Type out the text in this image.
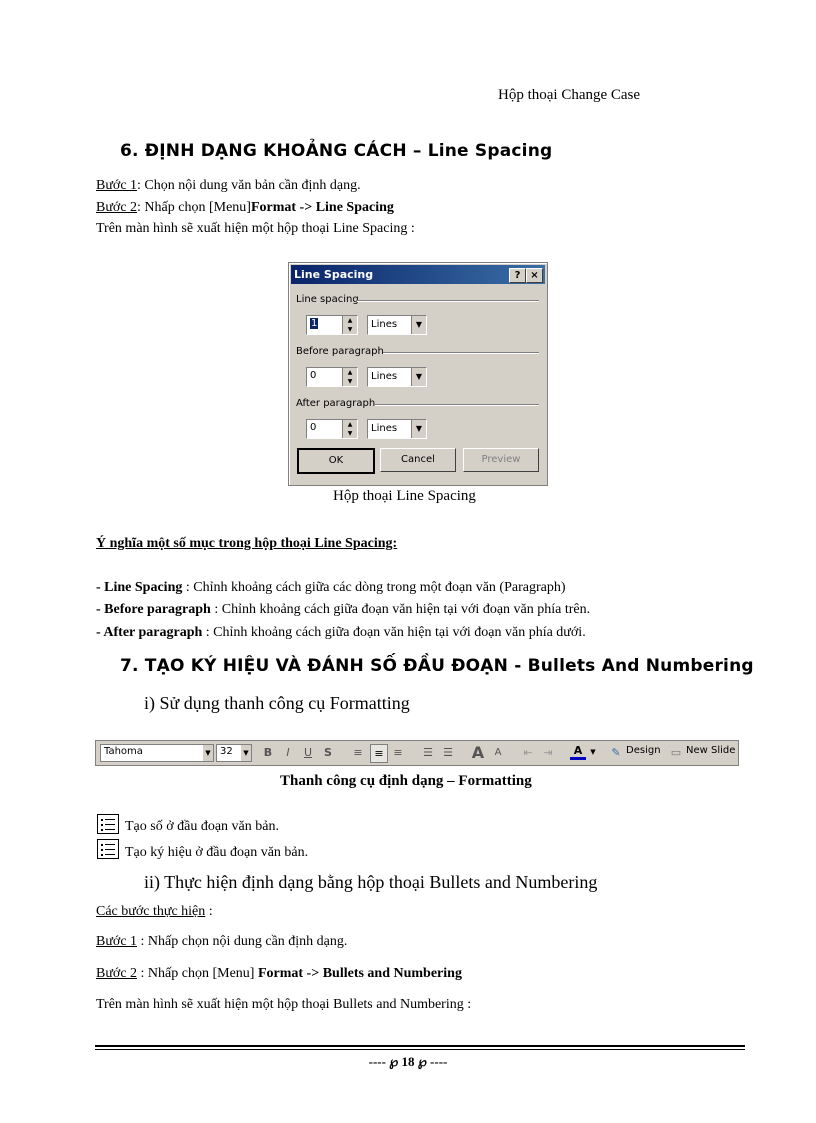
Hộp thoại Change Case
6. ĐỊNH DẠNG KHOẢNG CÁCH – Line Spacing
Bước 1: Chọn nội dung văn bản cần định dạng.
Bước 2: Nhấp chọn [Menu]Format -> Line Spacing
Trên màn hình sẽ xuất hiện một hộp thoại Line Spacing :
Line Spacing	? ×
Line spacing
1	▲
▼	Lines	▼
Before paragraph
0	▲
▼	Lines	▼
After paragraph
0	▲
▼	Lines	▼
OK	Cancel	Preview
Hộp thoại Line Spacing
Ý nghĩa một số mục trong hộp thoại Line Spacing:
- Line Spacing : Chỉnh khoảng cách giữa các dòng trong một đoạn văn (Paragraph)
- Before paragraph : Chỉnh khoảng cách giữa đoạn văn hiện tại với đoạn văn phía trên.
- After paragraph : Chỉnh khoảng cách giữa đoạn văn hiện tại với đoạn văn phía dưới.
7. TẠO KÝ HIỆU VÀ ĐÁNH SỐ ĐẦU ĐOẠN - Bullets And Numbering
i) Sử dụng thanh công cụ Formatting
Tahoma	▼ 32	▼	B	I	U	S	≡	≡ ≡	☰ ☰ A	A	⇤ ⇥	A	▼	✎ Design ▭ New Slide
Thanh công cụ định dạng – Formatting
Tạo số ở đầu đoạn văn bản.
Tạo ký hiệu ở đầu đoạn văn bản.
ii) Thực hiện định dạng bằng hộp thoại Bullets and Numbering
Các bước thực hiện :
Bước 1 : Nhấp chọn nội dung cần định dạng.
Bước 2 : Nhấp chọn [Menu] Format -> Bullets and Numbering
Trên màn hình sẽ xuất hiện một hộp thoại Bullets and Numbering :
---- ℘ 18 ℘ ----
